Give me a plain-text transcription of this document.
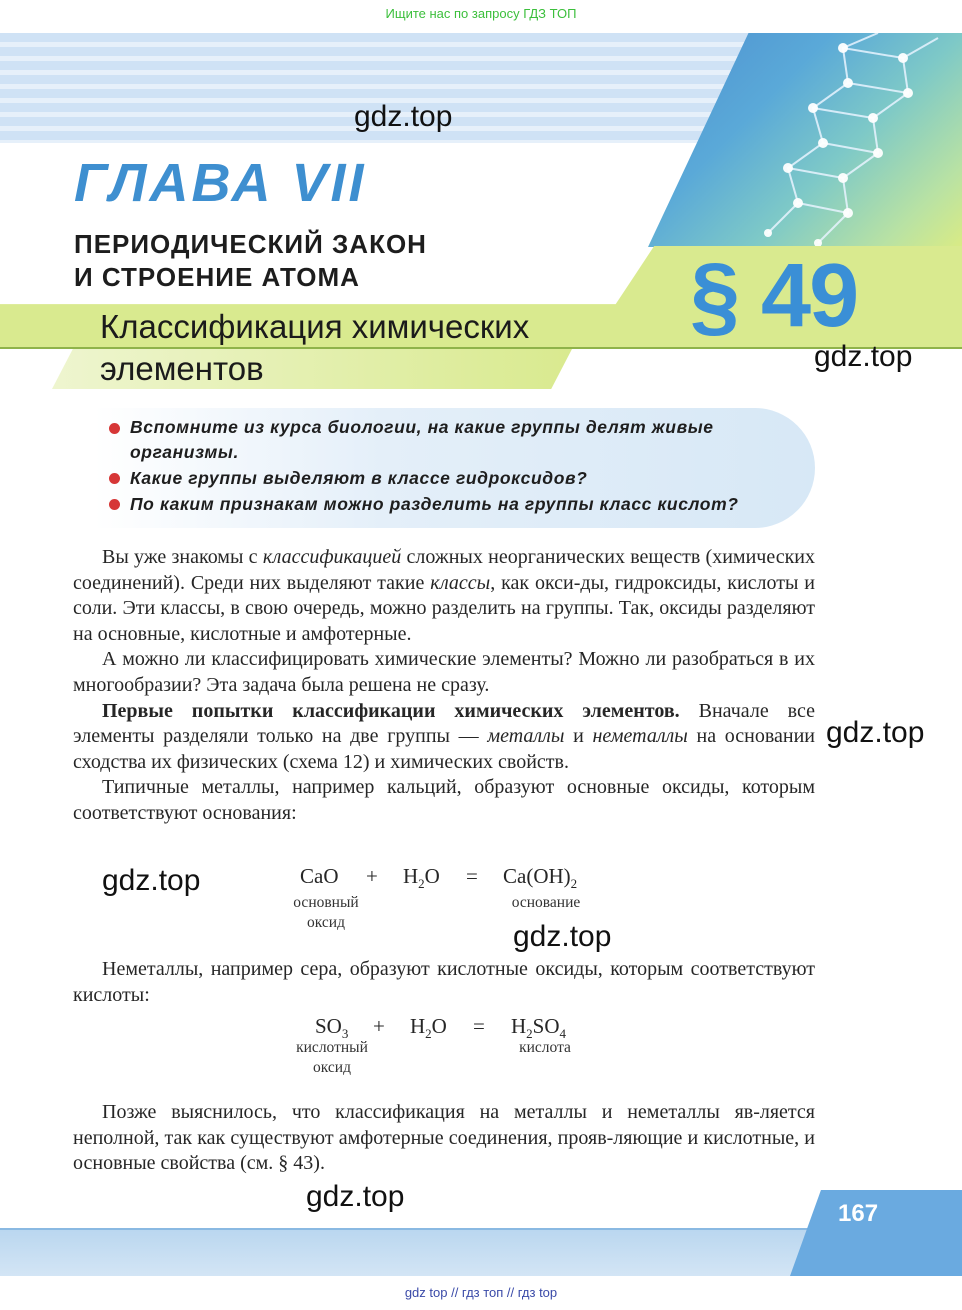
Ищите нас по запросу ГДЗ ТОП
gdz.top
ГЛАВА VII
ПЕРИОДИЧЕСКИЙ ЗАКОН
И СТРОЕНИЕ АТОМА	§ 49
gdz.top
Классификация химических
элементов
Вспомните из курса биологии, на какие группы делят живые
организмы.
Какие группы выделяют в классе гидроксидов?
По каким признакам можно разделить на группы класс кислот?

Вы уже знакомы с классификацией сложных неорганических веществ (химических соединений). Среди них выделяют такие классы, как окси-ды, гидроксиды, кислоты и соли. Эти классы, в свою очередь, можно разделить на группы. Так, оксиды разделяют на основные, кислотные и амфотерные.

А можно ли классифицировать химические элементы? Можно ли разобраться в их многообразии? Эта задача была решена не сразу.

Первые попытки классификации химических элементов. Вначале все элементы разделяли только на две группы — металлы и неметаллы на основании сходства их физических (схема 12) и химических свойств.

Типичные металлы, например кальций, образуют основные оксиды, которым соответствуют основания:

gdz.top
gdz.top	CaO + $H_2O = Ca(OH)_2$
основный
оксид
основание
gdz.top

Неметаллы, например сера, образуют кислотные оксиды, которым соответствуют кислоты:

$SO_3 + H_2O = H_2SO_4$
кислотный
оксид
кислота

Позже выяснилось, что классификация на металлы и неметаллы яв-ляется неполной, так как существуют амфотерные соединения, прояв-ляющие и кислотные, и основные свойства (см. § 43).

gdz.top
167
gdz top // гдз топ // гдз top
